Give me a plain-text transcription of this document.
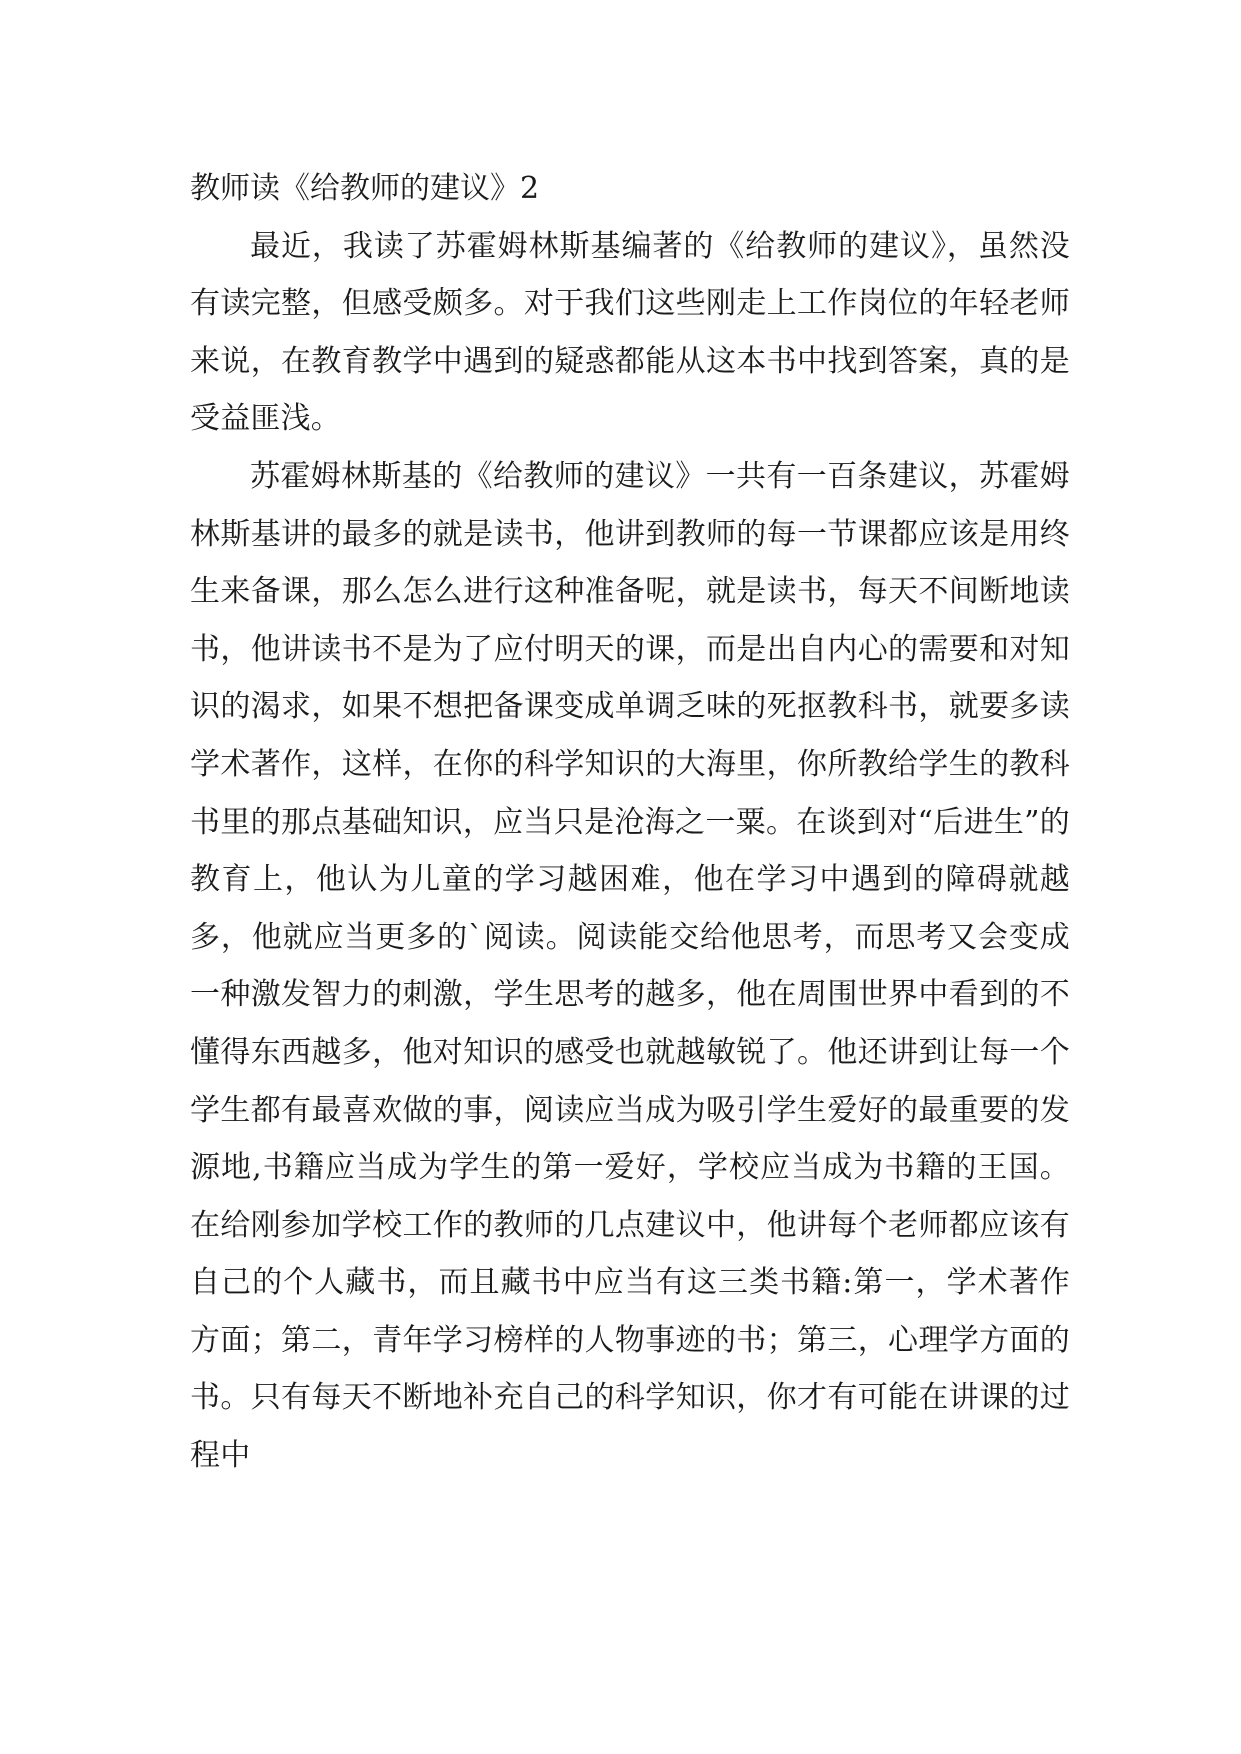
教师读《给教师的建议》2

最近，我读了苏霍姆林斯基编著的《给教师的建议》，虽然没有读完整，但感受颇多。对于我们这些刚走上工作岗位的年轻老师来说，在教育教学中遇到的疑惑都能从这本书中找到答案，真的是受益匪浅。

苏霍姆林斯基的《给教师的建议》一共有一百条建议，苏霍姆林斯基讲的最多的就是读书，他讲到教师的每一节课都应该是用终生来备课，那么怎么进行这种准备呢，就是读书，每天不间断地读书，他讲读书不是为了应付明天的课，而是出自内心的需要和对知识的渴求，如果不想把备课变成单调乏味的死抠教科书，就要多读学术著作，这样，在你的科学知识的大海里，你所教给学生的教科书里的那点基础知识，应当只是沧海之一粟。在谈到对“后进生”的教育上，他认为儿童的学习越困难，他在学习中遇到的障碍就越多，他就应当更多的`阅读。阅读能交给他思考，而思考又会变成一种激发智力的刺激，学生思考的越多，他在周围世界中看到的不懂得东西越多，他对知识的感受也就越敏锐了。他还讲到让每一个学生都有最喜欢做的事，阅读应当成为吸引学生爱好的最重要的发源地,书籍应当成为学生的第一爱好，学校应当成为书籍的王国。在给刚参加学校工作的教师的几点建议中，他讲每个老师都应该有自己的个人藏书，而且藏书中应当有这三类书籍:第一，学术著作方面；第二，青年学习榜样的人物事迹的书；第三，心理学方面的书。只有每天不断地补充自己的科学知识，你才有可能在讲课的过程中
